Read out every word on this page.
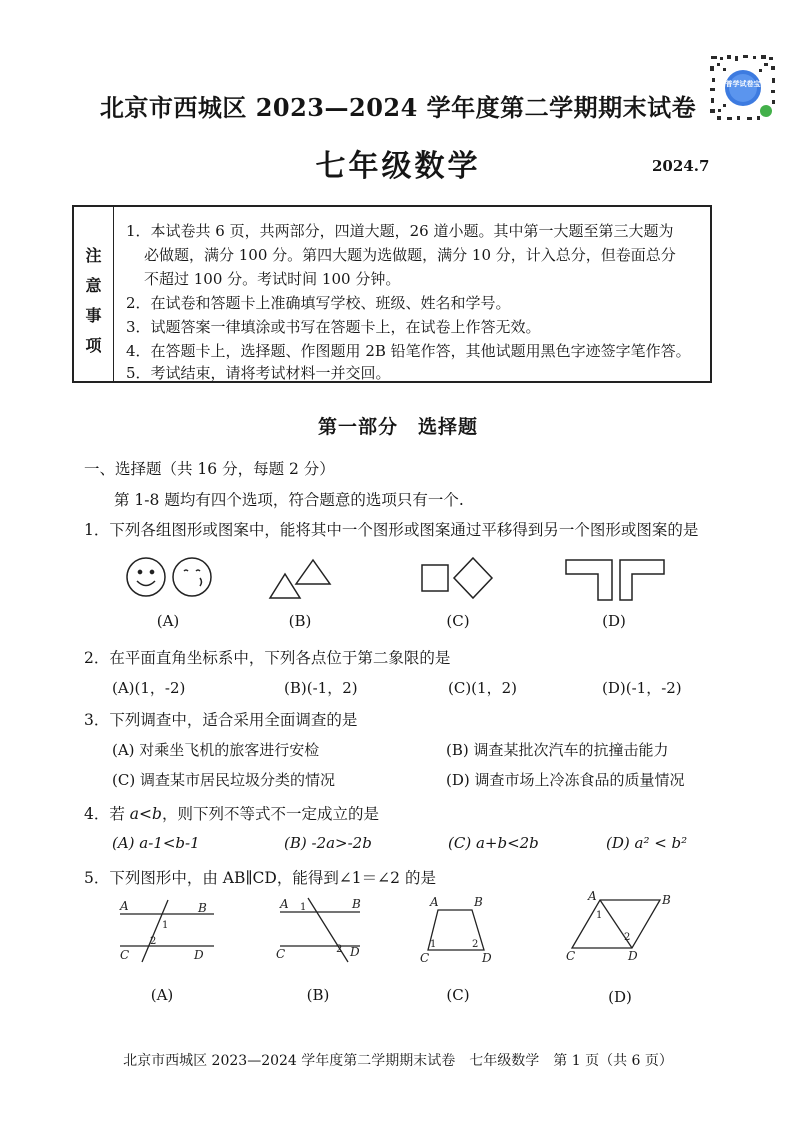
北京市西城区 2023—2024 学年度第二学期期末试卷
七年级数学	2024.7
普学试卷宝
注
意
事
项
1．本试卷共 6 页，共两部分，四道大题，26 道小题。其中第一大题至第三大题为
必做题，满分 100 分。第四大题为选做题，满分 10 分，计入总分，但卷面总分
不超过 100 分。考试时间 100 分钟。
2．在试卷和答题卡上准确填写学校、班级、姓名和学号。
3．试题答案一律填涂或书写在答题卡上，在试卷上作答无效。
4．在答题卡上，选择题、作图题用 2B 铅笔作答，其他试题用黑色字迹签字笔作答。
5．考试结束，请将考试材料一并交回。
第一部分　选择题
一、选择题（共 16 分，每题 2 分）
第 1-8 题均有四个选项，符合题意的选项只有一个.
1．下列各组图形或图案中，能将其中一个图形或图案通过平移得到另一个图形或图案的是
(A)	(B)	(C)	(D)
2．在平面直角坐标系中，下列各点位于第二象限的是
(A)(1，-2)	(B)(-1，2)	(C)(1，2)	(D)(-1，-2)
3．下列调查中，适合采用全面调查的是
(A) 对乘坐飞机的旅客进行安检	(B) 调查某批次汽车的抗撞击能力
(C) 调查某市居民垃圾分类的情况	(D) 调查市场上冷冻食品的质量情况
4．若 a<b，则下列不等式不一定成立的是
(A) a-1<b-1	(B) -2a>-2b	(C) a+b<2b	(D) a² < b²
5．下列图形中，由 AB∥CD，能得到∠1＝∠2 的是
A	B
C	D
1
2
A	B
C	D
1
2
A	B
C	D
1	2
A	B
C	D
1
2
(A)	(B)	(C)	(D)
北京市西城区 2023—2024 学年度第二学期期末试卷　七年级数学　第 1 页（共 6 页）
